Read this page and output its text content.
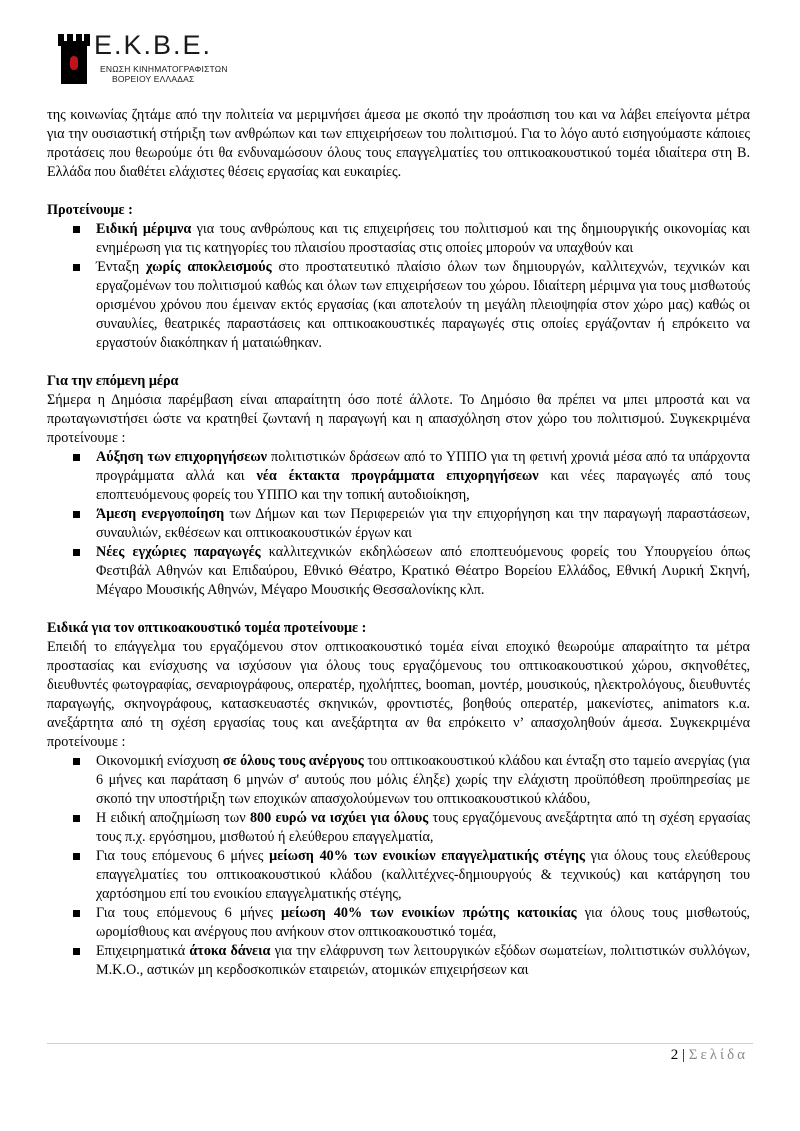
Ε.Κ.Β.Ε.
ΕΝΩΣΗ ΚΙΝΗΜΑΤΟΓΡΑΦΙΣΤΩΝ
ΒΟΡΕΙΟΥ ΕΛΛΑΔΑΣ

της κοινωνίας ζητάμε από την πολιτεία να μεριμνήσει άμεσα με σκοπό την προάσπιση του και να λάβει επείγοντα μέτρα για την ουσιαστική στήριξη των ανθρώπων και των επιχειρήσεων του πολιτισμού. Για το λόγο αυτό εισηγούμαστε κάποιες προτάσεις που θεωρούμε ότι θα ενδυναμώσουν όλους τους επαγγελματίες του οπτικοακουστικού τομέα ιδιαίτερα στη Β. Ελλάδα που διαθέτει ελάχιστες θέσεις εργασίας και ευκαιρίες.

Προτείνουμε :

Ειδική μέριμνα για τους ανθρώπους και τις επιχειρήσεις του πολιτισμού και της δημιουργικής οικονομίας και ενημέρωση για τις κατηγορίες του πλαισίου προστασίας στις οποίες μπορούν να υπαχθούν και
Ένταξη χωρίς αποκλεισμούς στο προστατευτικό πλαίσιο όλων των δημιουργών, καλλιτεχνών, τεχνικών και εργαζομένων του πολιτισμού καθώς και όλων των επιχειρήσεων του χώρου. Ιδιαίτερη μέριμνα για τους μισθωτούς ορισμένου χρόνου που έμειναν εκτός εργασίας (και αποτελούν τη μεγάλη πλειοψηφία στον χώρο μας) καθώς οι συναυλίες, θεατρικές παραστάσεις και οπτικοακουστικές παραγωγές στις οποίες εργάζονταν ή επρόκειτο να εργαστούν διακόπηκαν ή ματαιώθηκαν.

Για την επόμενη μέρα

Σήμερα η Δημόσια παρέμβαση είναι απαραίτητη όσο ποτέ άλλοτε. Το Δημόσιο θα πρέπει να μπει μπροστά και να πρωταγωνιστήσει ώστε να κρατηθεί ζωντανή η παραγωγή και η απασχόληση στον χώρο του πολιτισμού. Συγκεκριμένα προτείνουμε :

Αύξηση των επιχορηγήσεων πολιτιστικών δράσεων από το ΥΠΠΟ για τη φετινή χρονιά μέσα από τα υπάρχοντα προγράμματα αλλά και νέα έκτακτα προγράμματα επιχορηγήσεων και νέες παραγωγές από τους εποπτευόμενους φορείς του ΥΠΠΟ και την τοπική αυτοδιοίκηση,
Άμεση ενεργοποίηση των Δήμων και των Περιφερειών για την επιχορήγηση και την παραγωγή παραστάσεων, συναυλιών, εκθέσεων και οπτικοακουστικών έργων και
Νέες εγχώριες παραγωγές καλλιτεχνικών εκδηλώσεων από εποπτευόμενους φορείς του Υπουργείου όπως Φεστιβάλ Αθηνών και Επιδαύρου, Εθνικό Θέατρο, Κρατικό Θέατρο Βορείου Ελλάδος, Εθνική Λυρική Σκηνή, Μέγαρο Μουσικής Αθηνών, Μέγαρο Μουσικής Θεσσαλονίκης κλπ.

Ειδικά για τον οπτικοακουστικό τομέα προτείνουμε :

Επειδή το επάγγελμα του εργαζόμενου στον οπτικοακουστικό τομέα είναι εποχικό θεωρούμε απαραίτητο τα μέτρα προστασίας και ενίσχυσης να ισχύσουν για όλους τους εργαζόμενους του οπτικοακουστικού χώρου, σκηνοθέτες, διευθυντές φωτογραφίας, σεναριογράφους, οπερατέρ, ηχολήπτες, booman, μοντέρ, μουσικούς, ηλεκτρολόγους, διευθυντές παραγωγής, σκηνογράφους, κατασκευαστές σκηνικών, φροντιστές, βοηθούς οπερατέρ, μακενίστες, animators κ.α. ανεξάρτητα από τη σχέση εργασίας τους και ανεξάρτητα αν θα επρόκειτο ν’ απασχοληθούν άμεσα. Συγκεκριμένα προτείνουμε :

Οικονομική ενίσχυση σε όλους τους ανέργους του οπτικοακουστικού κλάδου και ένταξη στο ταμείο ανεργίας (για 6 μήνες και παράταση 6 μηνών σ' αυτούς που μόλις έληξε) χωρίς την ελάχιστη προϋπόθεση προϋπηρεσίας με σκοπό την υποστήριξη των εποχικών απασχολούμενων του οπτικοακουστικού κλάδου,
Η ειδική αποζημίωση των 800 ευρώ να ισχύει για όλους τους εργαζόμενους ανεξάρτητα από τη σχέση εργασίας τους π.χ. εργόσημου, μισθωτού ή ελεύθερου επαγγελματία,
Για τους επόμενους 6 μήνες μείωση 40% των ενοικίων επαγγελματικής στέγης για όλους τους ελεύθερους επαγγελματίες του οπτικοακουστικού κλάδου (καλλιτέχνες-δημιουργούς & τεχνικούς) και κατάργηση του χαρτόσημου επί του ενοικίου επαγγελματικής στέγης,
Για τους επόμενους 6 μήνες μείωση 40% των ενοικίων πρώτης κατοικίας για όλους τους μισθωτούς, ωρομίσθιους και ανέργους που ανήκουν στον οπτικοακουστικό τομέα,
Επιχειρηματικά άτοκα δάνεια για την ελάφρυνση των λειτουργικών εξόδων σωματείων, πολιτιστικών συλλόγων, Μ.Κ.Ο., αστικών μη κερδοσκοπικών εταιρειών, ατομικών επιχειρήσεων και
2 | Σελίδα
